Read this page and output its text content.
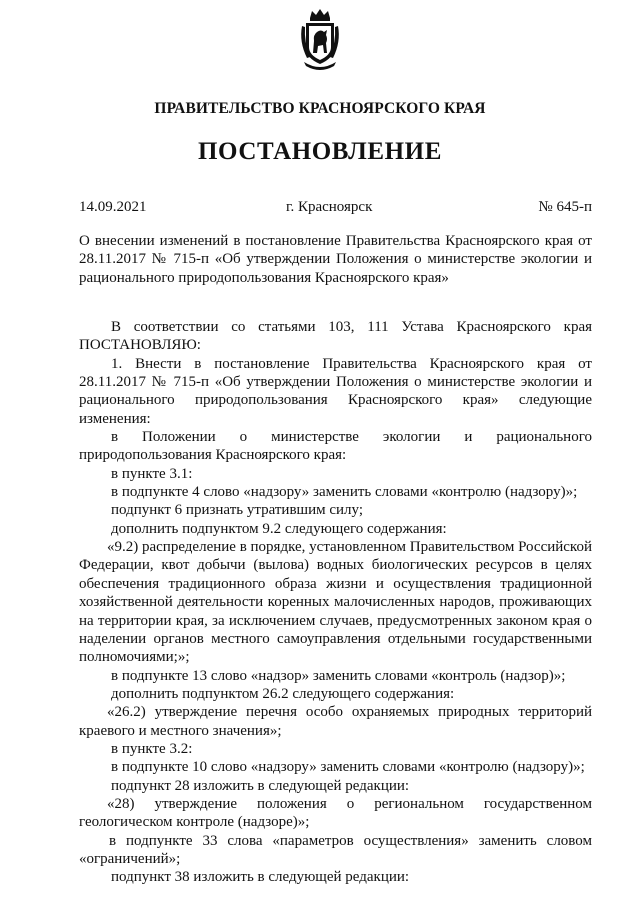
ПРАВИТЕЛЬСТВО КРАСНОЯРСКОГО КРАЯ
ПОСТАНОВЛЕНИЕ
14.09.2021	г. Красноярск	№ 645-п
О внесении изменений в постановление Правительства Красноярского края от 28.11.2017 № 715-п «Об утверждении Положения о министерстве экологии и рационального природопользования Красноярского края»

В соответствии со статьями 103, 111 Устава Красноярского края ПОСТАНОВЛЯЮ:

1. Внести в постановление Правительства Красноярского края от 28.11.2017 № 715-п «Об утверждении Положения о министерстве экологии и рационального природопользования Красноярского края» следующие изменения:

в Положении о министерстве экологии и рационального природопользования Красноярского края:

в пункте 3.1:

в подпункте 4 слово «надзору» заменить словами «контролю (надзору)»;

подпункт 6 признать утратившим силу;

дополнить подпунктом 9.2 следующего содержания:

«9.2) распределение в порядке, установленном Правительством Российской Федерации, квот добычи (вылова) водных биологических ресурсов в целях обеспечения традиционного образа жизни и осуществления традиционной хозяйственной деятельности коренных малочисленных народов, проживающих на территории края, за исключением случаев, предусмотренных законом края о наделении органов местного самоуправления отдельными государственными полномочиями;»;

в подпункте 13 слово «надзор» заменить словами «контроль (надзор)»;

дополнить подпунктом 26.2 следующего содержания:

«26.2) утверждение перечня особо охраняемых природных территорий краевого и местного значения»;

в пункте 3.2:

в подпункте 10 слово «надзору» заменить словами «контролю (надзору)»;

подпункт 28 изложить в следующей редакции:

«28) утверждение положения о региональном государственном геологическом контроле (надзоре)»;

в подпункте 33 слова «параметров осуществления» заменить словом «ограничений»;

подпункт 38 изложить в следующей редакции:
